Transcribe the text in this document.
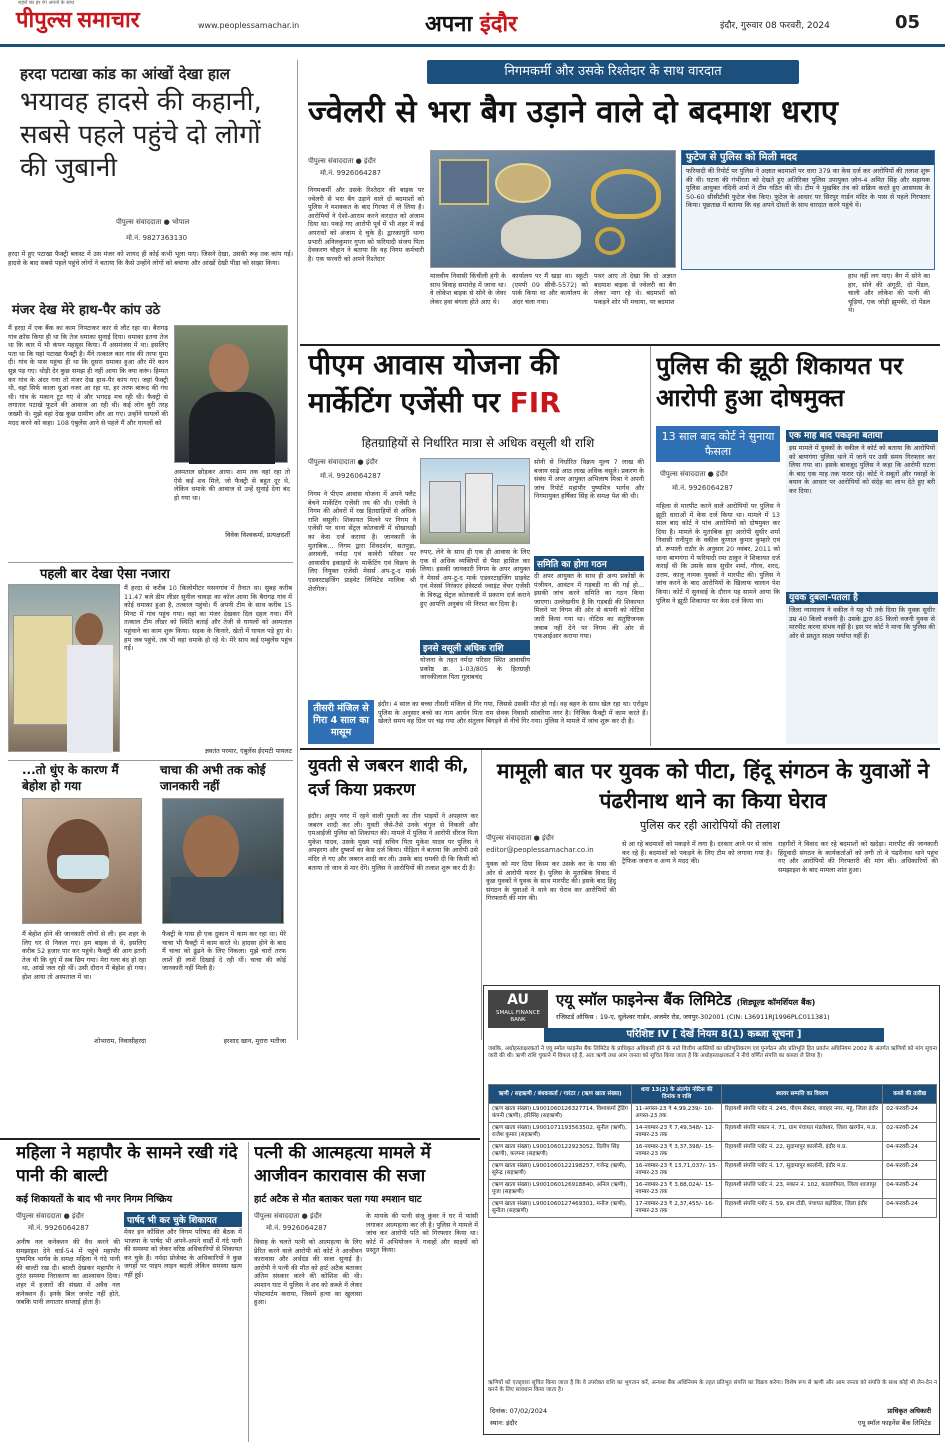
पीपुल्स समाचार
शहरों का हर रंग अपनों के साथ
www.peoplessamachar.in	अपना इंदौर	इंदौर, गुरुवार 08 फरवरी, 2024	05
हरदा पटाखा कांड का आंखों देखा हाल
भयावह हादसे की कहानी, सबसे पहले पहुंचे दो लोगों की जुबानी
पीपुल्स संवाददाता ● भोपाल
मो.नं. 9827363130
हरदा में हुए पटाखा फैक्ट्री ब्लास्ट में उस मंजर को शायद ही कोई कभी भूला पाए। जिसने देखा, उसकी रूह तक कांप गई। हादसे के बाद सबसे पहले पहुंचे लोगों ने बताया कि कैसे उन्होंने लोगों को बचाया और आंखों देखी पीड़ा को साझा किया।
मंजर देख मेरे हाथ-पैर कांप उठे
मैं हरदा में एक बैंक का काम निपटाकर कार से लौट रहा था। बैरागढ़ गांव क्रॉस किया ही था कि तेज धमाका सुनाई दिया। धमाका इतना तेज था कि कार में भी कंपन महसूस किया। मैं असमंजस में था। इसलिए पता था कि यहां पटाखा फैक्ट्री है। मैंने तत्काल कार गांव की तरफ घुमा दी। गांव के पास पहुंचा ही था कि दूसरा धमाका हुआ और मेरे कान सुन्न पड़ गए। थोड़ी देर कुछ समझ ही नहीं आया कि क्या करूं। हिम्मत कर गांव के अंदर गया तो मंजर देख हाथ-पैर कांप गए। जहां फैक्ट्री थी, वहां सिर्फ काला धुआं नजर आ रहा था, हर तरफ बारूद की गंध थी। गांव के मकान टूट गए थे और भगदड़ मच रही थी। फैक्ट्री से लगातार पटाखे फूटने की आवाज आ रही थी। कई लोग बुरी तरह जख्मी थे। मुझे वहां देख कुछ ग्रामीण और आ गए। उन्होंने घायलों की मदद करने को कहा। 108 एंबुलेंस आने से पहले मैं और घायलों को
अस्पताल छोड़कर आया। शाम तक वहां रहा तो ऐसे कई शव मिले, जो फैक्ट्री से बहुत दूर थे, लेकिन धमाके की आवाज से उन्हें सुनाई देना बंद हो गया था।
विवेक विश्वकर्मा, प्रत्यक्षदर्शी
पहली बार देखा ऐसा नजारा
मैं हरदा से करीब 10 किलोमीटर मसनगांव में तैनात था। सुबह करीब 11.47 बजे डीम लीडर सुनील चावड़ा का कॉल आया कि बैरागढ़ गांव में कोई धमाका हुआ है, तत्काल पहुंचो। मैं अपनी टीम के साथ करीब 15 मिनट में गांव पहुंच गया। वहां का मंजर देखकर दिल दहल गया। मैंने तत्काल टीम लीडर को स्थिति बताई और तेजी से घायलों को अस्पताल पहुंचाने का काम शुरू किया। सड़क के किनारे, खेतों में घायल पड़े हुए थे। हम जब पहुंचे, तब भी वहां धमाके हो रहे थे। मेरे साथ कई एम्बुलेंस पहुंच गईं।
ज्ञवतंत परमार, एंबुलेंस ईएमटी पायलट
...तो धुंए के कारण मैं बेहोश हो गया
चाचा की अभी तक कोई जानकारी नहीं
मैं बेहोश होने की जानकारी लोगों से ली। हम शहर के लिए घर से निकल गए। हम बाइक से थे, इसलिए करीब 52 हजार पार कर पहुंचे। फैक्ट्री की आग इतनी तेज थी कि धुएं में सब छिप गया। मेरा गला बंद हो रहा था, आंखें जल रही थीं। उसी दौरान मैं बेहोश हो गया। होश आया तो अस्पताल में था।
शोभाराम, निवासीहरदा
फैक्ट्री के पास ही एक दुकान में काम कर रहा था। मेरे चाचा भी फैक्ट्री में काम करते थे। हादसा होने के बाद मैं चाचा को ढूंढने के लिए निकला। मुझे चारों तरफ लाशें ही लाशें दिखाई दे रही थीं। चाचा की कोई जानकारी नहीं मिली है।
इरशाद खान, मुरारा भतीजा
निगमकर्मी और उसके रिश्तेदार के साथ वारदात
ज्वेलरी से भरा बैग उड़ाने वाले दो बदमाश धराए
पीपुल्स संवाददाता ● इंदौर
मो.नं. 9926064287
निगमकर्मी और उसके रिश्तेदार की बाइक पर ज्वेलरी से भरा बैग उड़ाने वाले दो बदमाशों को पुलिस ने मशक्कत के बाद गिरफ्त में ले लिया है। आरोपियों ने ऐशो-आराम करने वारदात को अंजाम दिया था। पकड़े गए आरोपी पूर्व में भी शहर में कई अपराधों को अंजाम दे चुके हैं। द्वारकापुरी थाना प्रभारी अनिलकुमार गुप्ता को फरियादी संजय पिता देवकरण चौहान ने बताया कि वह निगम कर्मचारी है। एक फरवरी को अपने रिश्तेदार
मालवीय निवासी किंचीली हंगी के साथ विवाह समारोह में जाना था। वे लोकेश बाइक से सोने के जेवर लेकर हवा बंगला होते आए थे।
कार्यालय पर मैं खड़ा था। स्कूटी (एमपी 09 सीवी-5572) को पार्क किया था और कार्यालय के अंदर चला गया।
पथर आए तो देखा कि दो अज्ञात बदमाश बाइक से ज्वेलरी का बैग लेकर भाग रहे थे। बदमाशों को पकड़ने शोर भी मचाया, पर बदमाश
हाथ नहीं लग पाए। बैग में सोने का हार, सोने की अंगूठी, दो पेंडल, चाली और लोकेश की पत्नी की चूड़ियां, एक जोड़ी झुमकी, दो पेंडल थे।
फुटेज से पुलिस को मिली मदद
फरियादी की रिपोर्ट पर पुलिस ने अज्ञात बदमाशों पर धारा 379 का केस दर्ज कर आरोपियों की तलाश शुरू की थी। घटना की गंभीरता को देखते हुए अतिरिक्त पुलिस उपायुक्त ज़ोन-4 अमित सिंह और सहायक पुलिस आयुक्त नंदिनी शर्मा ने टीम गठित की थी। टीम ने मुखबिर तंत्र को सक्रिय करते हुए आसपास के 50-60 सीसीटीवी फुटेज चेक किए। फुटेज के आधार पर सिरपुर गार्डन मंदिर के पास से पहले गिरफ्तार किया। पूछताछ में बताया कि वह अपने दोस्तों के साथ वारदात करने पहुंचे थे।
पीएम आवास योजना की मार्केटिंग एजेंसी पर FIR
हितग्राहियों से निर्धारित मात्रा से अधिक वसूली थी राशि
पीपुल्स संवादादाता ● इंदौर
मो.नं. 9926064287
निगम ने पीएम आवास योजना में अपने फ्लैट बेचने मार्केटिंग एजेंसी तय की थी। एजेंसी ने निगम की ओवरों में रख हितग्राहियों से अधिक राशि वसूली। शिकायत मिलने पर निगम ने एजेंसी पर थाना सेंट्रल कोतवाली में धोखाधड़ी का केस दर्ज कराया है। जानकारी के मुताबिक... निगम द्वारा शिवदर्शन, सतपुड़ा, अरावली, नर्मदा एवं कावेरी परिसर पर आवासीय इकाइयों के मार्केटिंग एवं विक्रय के लिए नियुक्त एजेंसी मेसर्स अप-टू-द मार्क एडवरटाइजिंग प्राइवेट लिमिटेड मालिक श्री शेरगिल।
रुपए, लेने के साथ ही एक ही आवास के लिए एक से अधिक व्यक्तियों से पैसा हासिल कर लिया। इसकी जानकारी निगम के अपर आयुक्त ने मेसर्स अप-टू-द मार्क एडवरटाइजिंग प्राइवेट एवं मेसर्स निरंकार इंवेस्टर्स ज्वाइंट वेंचर एजेंसी के विरुद्ध सेंट्रल कोतवाली में प्रकरण दर्ज कराने हुए आपत्ति अनुबंध भी निरस्त कर दिया है।
इनसे वसूली अधिक राशि
योजना के तहत नर्मदा परिसर स्थित आवासीय प्रकोष्ठ क्र. 1-03/805 के हितग्राही जानकीलाल पिता गुलाबचंद
सोनी से निर्धारित विक्रय मूल्य 7 लाख की बजाय साढ़े आठ लाख अधिक वसूले। प्रकरण के संबंध में अपर आयुक्त अभिलाष मिश्रा ने अपनी जांच रिपोर्ट महापौर पुष्यमित्र भार्गव और निगमायुक्त हर्षिका सिंह के समक्ष पेश की थी।
समिति का होगा गठन
दी अपर आयुक्त के साथ ही अन्य प्रकोष्ठों के पंजीयन, आवंटन में गड़बड़ी ना की गई हो... इसकी जांच करने समिति का गठन किया जाएगा। उल्लेखनीय है कि गड़बड़ी की शिकायत मिलने पर निगम की ओर से कंपनी को नोटिस जारी किया गया था। नोटिस का संतुष्टिजनक जवाब नहीं देने पर निगम की ओर से एफआईआर कराया गया।
तीसरी मंजिल से गिरा 4 साल का मासूम
इंदौर। 4 साल का बच्चा तीसरी मंजिल से गिर गया, जिससे उसकी मौत हो गई। वह बहन के साथ खेल रहा था। एरोड्रम पुलिस के अनुसार बच्चे का नाम आर्यन पिता राम सेवक निवासी सांवरिया नगर है। निजिक फैक्ट्री में काम करते हैं। खेलते समय वह ग्रिल पर चढ़ गया और संतुलन बिगड़ने से नीचे गिर गया। पुलिस ने मामले में जांच शुरू कर दी है।
पुलिस की झूठी शिकायत पर आरोपी हुआ दोषमुक्त
13 साल बाद कोर्ट ने सुनाया फैसला
पीपुल्स संवाददाता ● इंदौर
मो.नं. 9926064287
महिला से मारपीट करने वाले आरोपियों पर पुलिस ने झूठी धाराओं में केस दर्ज किया था। मामले में 13 साल बाद कोर्ट ने पांच आरोपियों को दोषमुक्त कर दिया है। मामले के मुताबिक हुए आरोपी सुधीर शर्मा निवासी रानीपुरा के वकील कुणाल कुमार कुम्हारे एवं डॉ. रूपाली राठौर के अनुसार 20 नवंबर, 2011 को थाना बाणगंगा में फरियादी रमा ठाकुर ने शिकायत दर्ज कराई थी कि उसके साथ सुधीर शर्मा, गौरव, शरद, उत्तम, कालू नामक युवकों ने मारपीट की। पुलिस ने जांच करने के बाद आरोपियों के खिलाफ चालान पेश किया। कोर्ट में सुनवाई के दौरान यह सामने आया कि पुलिस ने झूठी शिकायत पर केस दर्ज किया था।
एक माह बाद पकड़ना बताया
इस मामले में युवकों के वकील ने कोर्ट को बताया कि आरोपियों को बाणगंगा पुलिस थाने में जाने पर उसी समय गिरफ्तार कर लिया गया था। इसके बावजूद पुलिस ने कहा कि आरोपी घटना के बाद एक माह तक फरार रहे। कोर्ट ने सबूतों और गवाहों के बयान के आधार पर आरोपियों को संदेह का लाभ देते हुए बरी कर दिया।
युवक दुबला-पतला है
जिला न्यायालय ने वकील ने यह भी तर्क दिया कि युवक सुधीर उम्र 40 किलो वजनी है। उसके द्वारा 85 किलो वजनी युवक से मारपीट करना संभव नहीं है। इस पर कोर्ट ने माना कि पुलिस की ओर से प्रस्तुत साक्ष्य पर्याप्त नहीं हैं।
युवती से जबरन शादी की, दर्ज किया प्रकरण
इंदौर। अनूप नगर में रहने वाली युवती का तीन भाइयों ने अपहरण कर जबरन शादी कर ली। युवती जैसे-तैसे उनके चंगुल से निकली और एमआईजी पुलिस को शिकायत की। मामले में पुलिस ने आरोपी धीरज पिता मुकेश यादव, उसके मुख्य भाई सचिन पिता मुकेश यादव पर पुलिस ने अपहरण और दुष्कर्म का केस दर्ज किया। पीड़िता ने बताया कि आरोपी उसे मंदिर ले गए और जबरन शादी कर ली। उसके बाद धमकी दी कि किसी को बताया तो जान से मार देंगे। पुलिस ने आरोपियों की तलाश शुरू कर दी है।
मामूली बात पर युवक को पीटा, हिंदू संगठन के युवाओं ने पंढरीनाथ थाने का किया घेराव
पुलिस कर रही आरोपियों की तलाश
पीपुल्स संवाददाता ● इंदौर
editor@peoplessamachar.co.in
युवक को मार दिया किस्म कर उसके कर के पास की ओर से आरोपी फरार है। पुलिस के मुताबिक विवाद में कुछ युवकों ने युवक के साथ मारपीट की। इसके बाद हिंदू संगठन के युवाओं ने थाने का घेराव कर आरोपियों की गिरफ्तारी की मांग की।
से आ रहे बदमाशों को पकड़ने में लगा है। दरकार आने पर से जांच कर रहे हैं। बदमाशों को पकड़ने के लिए टीम को लगाया गया है। ट्रैफिक जवान व अन्य ने मदद की।
राहगीरों ने विवाद कर रहे बदमाशों को खदेड़ा। मारपीट की जानकारी हिंदूवादी संगठन के कार्यकर्ताओं को लगी तो वे पंढरीनाथ थाने पहुंच गए और आरोपियों की गिरफ्तारी की मांग की। अधिकारियों की समझाइश के बाद मामला शांत हुआ।
AU
SMALL FINANCE BANK
एयू स्मॉल फाइनेन्स बैंक लिमिटेड (शिड्यूल्ड कॉमर्शियल बैंक)
रजिस्टर्ड ऑफिस : 19-ए, धूलेश्वर गार्डन, अजमेर रोड, जयपुर-302001 (CIN: L36911RJ1996PLC011381)
परिशिष्ट IV [ देखें नियम 8(1) कब्जा सूचना ]
जबकि, अधोहस्ताक्षरकर्ता ने एयू स्मॉल फाइनेंस बैंक लिमिटेड के प्राधिकृत अधिकारी होने के नाते वित्तीय आस्तियों का प्रतिभूतिकरण एवं पुनर्गठन और प्रतिभूति हित प्रवर्तन अधिनियम 2002 के अंतर्गत ऋणियों को मांग सूचना जारी की थी। ऋणी राशि चुकाने में विफल रहे हैं, अतः ऋणी तथा आम जनता को सूचित किया जाता है कि अधोहस्ताक्षरकर्ता ने नीचे वर्णित संपत्ति का कब्जा ले लिया है।
ऋणी / सहऋणी / बंधककर्ता / गारंटर / (ऋण खाता संख्या)	धारा 13(2) के अंतर्गत नोटिस की दिनांक व राशि	स्थावर सम्पत्ति का विवरण	कब्जे की तारीख
(ऋण खाता संख्या) L9001060126327714, विश्वकर्मा ट्रेडिंग कंपनी (ऋणी), हरिसिंह (सहऋणी)	11-अगस्त-23 ₹ 4,99,239/- 10-अगस्त-23 तक	रिहायशी संपत्ति प्लॉट नं. 245, पीएम सेक्टर, जवाहर नगर, महू, जिला इंदौर	02-फरवरी-24
(ऋण खाता संख्या) L9001071193563502, सुनील (ऋणी), राजेश कुमार (सहऋणी)	14-नवम्बर-23 ₹ 7,49,348/- 12-नवम्बर-23 तक	रिहायशी संपत्ति मकान नं. 71, ग्राम पंचायत मंडलेश्वर, जिला खरगोन, म.प्र.	02-फरवरी-24
(ऋण खाता संख्या) L9001060122923052, दिलीप सिंह (ऋणी), कल्पना (सहऋणी)	16-नवम्बर-23 ₹ 3,37,398/- 15-नवम्बर-23 तक	रिहायशी संपत्ति प्लॉट नं. 22, सुदामापुर कालोनी, इंदौर म.प्र.	04-फरवरी-24
(ऋण खाता संख्या) L9001060122198257, गजेन्द्र (ऋणी), सुरेन्द्र (सहऋणी)	16-नवम्बर-23 ₹ 13,71,037/- 15-नवम्बर-23 तक	रिहायशी संपत्ति प्लॉट नं. 17, सुदामापुर कालोनी, इंदौर म.प्र.	04-फरवरी-24
(ऋण खाता संख्या) L9001060126918840, अनिल (ऋणी), पूजा (सहऋणी)	16-नवम्बर-23 ₹ 3,88,024/- 15-नवम्बर-23 तक	रिहायशी संपत्ति प्लॉट नं. 23, मकान नं. 102, कालापीपल, जिला शाजापुर	04-फरवरी-24
(ऋण खाता संख्या) L9001060127469301, मनोज (ऋणी), सुनीता (सहऋणी)	17-नवम्बर-23 ₹ 2,37,455/- 16-नवम्बर-23 तक	रिहायशी संपत्ति प्लॉट नं. 59, ग्राम टोडी, पंचायत बड़ोदिया, जिला इंदौर	04-फरवरी-24
ऋणियों को एतद्द्वारा सूचित किया जाता है कि वे उपरोक्त राशि का भुगतान करें, अन्यथा बैंक अधिनियम के तहत प्रतिभूत संपत्ति का विक्रय करेगा। विशेष रूप से ऋणी और आम जनता को संपत्ति के साथ कोई भी लेन-देन न करने के लिए सावधान किया जाता है।
दिनांक: 07/02/2024
स्थान: इंदौर
प्राधिकृत अधिकारी
एयू स्मॉल फाइनेंस बैंक लिमिटेड
महिला ने महापौर के सामने रखी गंदे पानी की बाल्टी
कई शिकायतों के बाद भी नगर निगम निष्क्रिय
पीपुल्स संवाददाता ● इंदौर
मो.नं. 9926064287
अनीष नल कनेक्शन की वैध करने की समझाइश देने वार्ड-54 में पहुंचे महापौर पुष्यमित्र भार्गव के समक्ष महिला ने गंदे पानी की बाल्टी रख दी। बाल्टी देखकर महापौर ने तुरंत समस्या निराकरण का आश्वासन दिया। शहर में हजारों की संख्या में अवैध नल कनेक्शन हैं। इनके बिल जनरेट नहीं होते, जबकि पानी लगातार सप्लाई होता है।
पार्षद भी कर चुके शिकायत
मेयर इन कौंसिल और निगम परिषद की बैठक में भाजपा के पार्षद भी अपने-अपने वार्डों में गंदे पानी की समस्या को लेकर वरिष्ठ अधिकारियों से शिकायत कर चुके हैं। नर्मदा प्रोजेक्ट के अधिकारियों ने कुछ जगहों पर पाइप लाइन बदली लेकिन समस्या खत्म नहीं हुई।
पत्नी की आत्महत्या मामले में आजीवन कारावास की सजा
हार्ट अटैक से मौत बताकर चला गया श्मशान घाट
पीपुल्स संवाददाता ● इंदौर
मो.नं. 9926064287
विवाह के चलते पत्नी को आत्महत्या के लिए प्रेरित करने वाले आरोपी को कोर्ट ने आजीवन कारावास और अर्थदंड की सजा सुनाई है। आरोपी ने पत्नी की मौत को हार्ट अटैक बताकर अंतिम संस्कार करने की कोशिश की थी। श्मशान घाट में पुलिस ने शव को कब्जे में लेकर पोस्टमार्टम कराया, जिसमें हत्या का खुलासा हुआ।
के मायके की पत्नी संजू कुंवर ने घर में फांसी लगाकर आत्महत्या कर ली है। पुलिस ने मामले में जांच कर आरोपी पति को गिरफ्तार किया था। कोर्ट में अभियोजन ने गवाहों और साक्ष्यों को प्रस्तुत किया।
